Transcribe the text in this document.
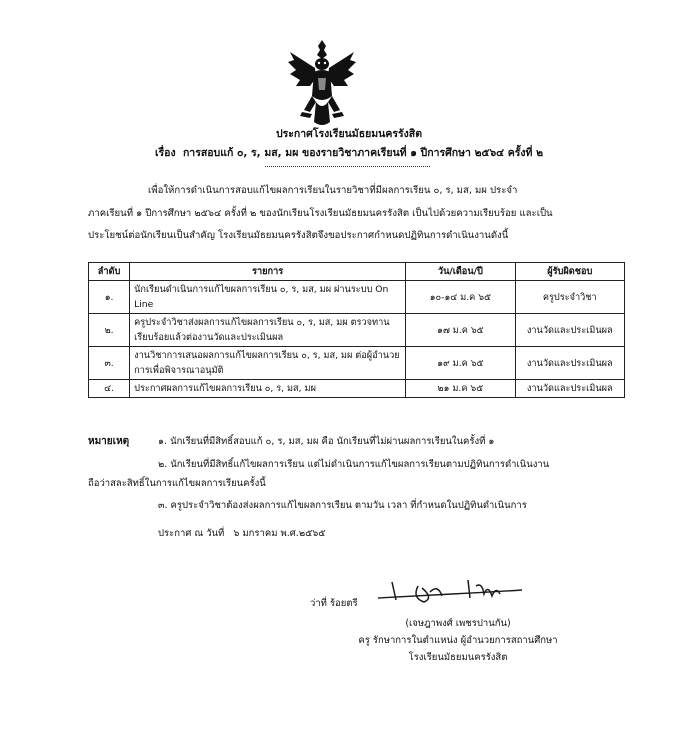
ประกาศโรงเรียนมัธยมนครรังสิต
เรื่อง การสอบแก้ ๐, ร, มส, มผ ของรายวิชาภาคเรียนที่ ๑ ปีการศึกษา ๒๕๖๔ ครั้งที่ ๒
เพื่อให้การดำเนินการสอบแก้ไขผลการเรียนในรายวิชาที่มีผลการเรียน ๐, ร, มส, มผ ประจำ
ภาคเรียนที่ ๑ ปีการศึกษา ๒๕๖๔ ครั้งที่ ๒ ของนักเรียนโรงเรียนมัธยมนครรังสิต เป็นไปด้วยความเรียบร้อย และเป็น
ประโยชน์ต่อนักเรียนเป็นสำคัญ โรงเรียนมัธยมนครรังสิตจึงขอประกาศกำหนดปฏิทินการดำเนินงานดังนี้
ลำดับ	รายการ	วัน/เดือน/ปี	ผู้รับผิดชอบ
๑.	นักเรียนดำเนินการแก้ไขผลการเรียน ๐, ร, มส, มผ ผ่านระบบ On Line	๑๐-๑๔ ม.ค ๖๕	ครูประจำวิชา
๒.	ครูประจำวิชาส่งผลการแก้ไขผลการเรียน ๐, ร, มส, มผ ตรวจทานเรียบร้อยแล้วต่องานวัดและประเมินผล	๑๗ ม.ค ๖๕	งานวัดและประเมินผล
๓.	งานวิชาการเสนอผลการแก้ไขผลการเรียน ๐, ร, มส, มผ ต่อผู้อำนวยการเพื่อพิจารณาอนุมัติ	๑๙ ม.ค ๖๕	งานวัดและประเมินผล
๔.	ประกาศผลการแก้ไขผลการเรียน ๐, ร, มส, มผ	๒๑ ม.ค ๖๕	งานวัดและประเมินผล
หมายเหตุ	๑. นักเรียนที่มีสิทธิ์สอบแก้ ๐, ร, มส, มผ คือ นักเรียนที่ไม่ผ่านผลการเรียนในครั้งที่ ๑
๒. นักเรียนที่มีสิทธิ์แก้ไขผลการเรียน แต่ไม่ดำเนินการแก้ไขผลการเรียนตามปฏิทินการดำเนินงาน
ถือว่าสละสิทธิ์ในการแก้ไขผลการเรียนครั้งนี้
๓. ครูประจำวิชาต้องส่งผลการแก้ไขผลการเรียน ตามวัน เวลา ที่กำหนดในปฏิทินดำเนินการ
ประกาศ ณ วันที่ ๖ มกราคม พ.ศ.๒๕๖๕
ว่าที่ ร้อยตรี
(เจษฎาพงศ์ เพชรปานกัน)
ครู รักษาการในตำแหน่ง ผู้อำนวยการสถานศึกษา
โรงเรียนมัธยมนครรังสิต
